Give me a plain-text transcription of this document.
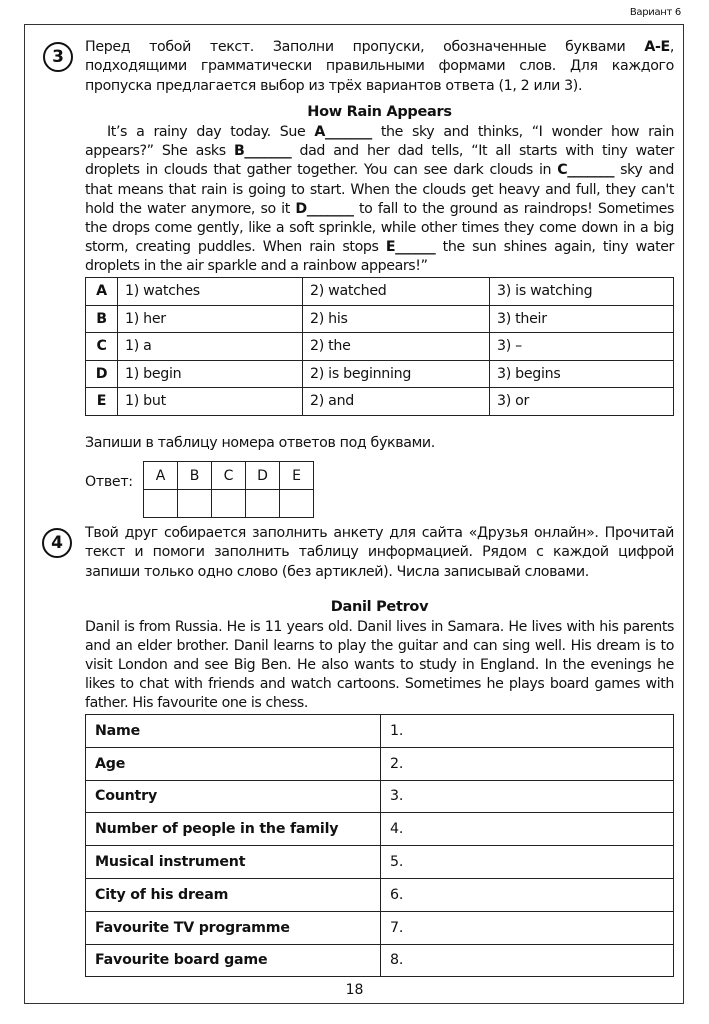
Вариант 6
3	Перед тобой текст. Заполни пропуски, обозначенные буквами A-E, подходящими грамматически правильными формами слов. Для каждого пропуска предлагается выбор из трёх вариантов ответа (1, 2 или 3).
How Rain Appears
It’s a rainy day today. Sue A_______ the sky and thinks, “I wonder how rain appears?” She asks B_______ dad and her dad tells, “It all starts with tiny water droplets in clouds that gather together. You can see dark clouds in C_______ sky and that means that rain is going to start. When the clouds get heavy and full, they can't hold the water anymore, so it D_______ to fall to the ground as raindrops! Sometimes the drops come gently, like a soft sprinkle, while other times they come down in a big storm, creating puddles. When rain stops E______ the sun shines again, tiny water droplets in the air sparkle and a rainbow appears!”
A	1) watches	2) watched	3) is watching
B	1) her	2) his	3) their
C	1) a	2) the	3) –
D	1) begin	2) is beginning	3) begins
E	1) but	2) and	3) or
Запиши в таблицу номера ответов под буквами.
Ответ: A	B	C	D	E

4	Твой друг собирается заполнить анкету для сайта «Друзья онлайн». Прочитай текст и помоги заполнить таблицу информацией. Рядом с каждой цифрой запиши только одно слово (без артиклей). Числа записывай словами.
Danil Petrov
Danil is from Russia. He is 11 years old. Danil lives in Samara. He lives with his parents and an elder brother. Danil learns to play the guitar and can sing well. His dream is to visit London and see Big Ben. He also wants to study in England. In the evenings he likes to chat with friends and watch cartoons. Sometimes he plays board games with father. His favourite one is chess.
Name	1.
Age	2.
Country	3.
Number of people in the family	4.
Musical instrument	5.
City of his dream	6.
Favourite TV programme	7.
Favourite board game	8.
18
